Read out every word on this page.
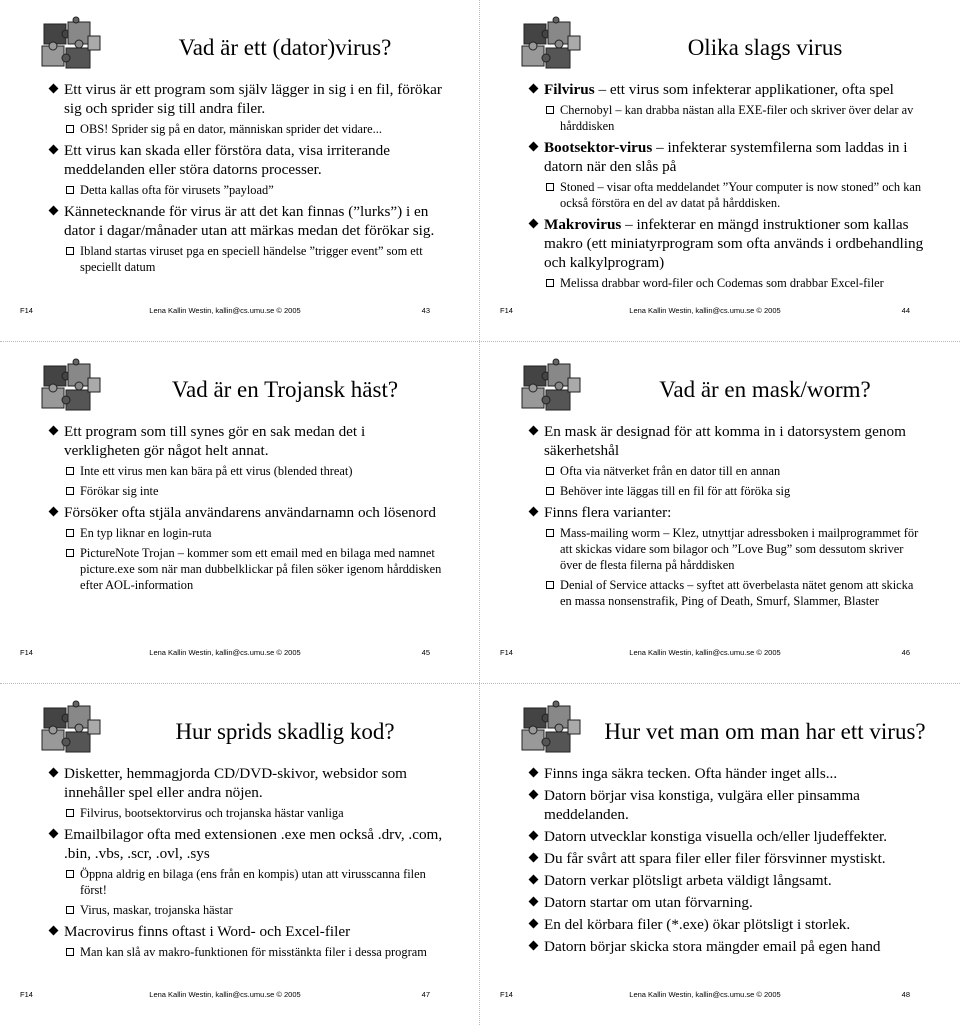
Vad är ett (dator)virus?
Ett virus är ett program som själv lägger in sig i en fil, förökar sig och sprider sig till andra filer.
OBS! Sprider sig på en dator, människan sprider det vidare...
Ett virus kan skada eller förstöra data, visa irriterande meddelanden eller störa datorns processer.
Detta kallas ofta för virusets ”payload”
Kännetecknande för virus är att det kan finnas (”lurks”) i en dator i dagar/månader utan att märkas medan det förökar sig.
Ibland startas viruset pga en speciell händelse ”trigger event” som ett speciellt datum
F14	Lena Kallin Westin, kallin@cs.umu.se © 2005	43
Olika slags virus
Filvirus – ett virus som infekterar applikationer, ofta spel
Chernobyl – kan drabba nästan alla EXE-filer och skriver över delar av hårddisken
Bootsektor-virus – infekterar systemfilerna som laddas in i datorn när den slås på
Stoned – visar ofta meddelandet ”Your computer is now stoned” och kan också förstöra en del av datat på hårddisken.
Makrovirus – infekterar en mängd instruktioner som kallas makro (ett miniatyrprogram som ofta används i ordbehandling och kalkylprogram)
Melissa drabbar word-filer och Codemas som drabbar Excel-filer
F14	Lena Kallin Westin, kallin@cs.umu.se © 2005	44
Vad är en Trojansk häst?
Ett program som till synes gör en sak medan det i verkligheten gör något helt annat.
Inte ett virus men kan bära på ett virus (blended threat)
Förökar sig inte
Försöker ofta stjäla användarens användarnamn och lösenord
En typ liknar en login-ruta
PictureNote Trojan – kommer som ett email med en bilaga med namnet picture.exe som när man dubbelklickar på filen söker igenom hårddisken efter AOL-information
F14	Lena Kallin Westin, kallin@cs.umu.se © 2005	45
Vad är en mask/worm?
En mask är designad för att komma in i datorsystem genom säkerhetshål
Ofta via nätverket från en dator till en annan
Behöver inte läggas till en fil för att föröka sig
Finns flera varianter:
Mass-mailing worm – Klez, utnyttjar adressboken i mailprogrammet för att skickas vidare som bilagor och ”Love Bug” som dessutom skriver över de flesta filerna på hårddisken
Denial of Service attacks – syftet att överbelasta nätet genom att skicka en massa nonsenstrafik, Ping of Death, Smurf, Slammer, Blaster
F14	Lena Kallin Westin, kallin@cs.umu.se © 2005	46
Hur sprids skadlig kod?
Disketter, hemmagjorda CD/DVD-skivor, websidor som innehåller spel eller andra nöjen.
Filvirus, bootsektorvirus och trojanska hästar vanliga
Emailbilagor ofta med extensionen .exe men också .drv, .com, .bin, .vbs, .scr, .ovl, .sys
Öppna aldrig en bilaga (ens från en kompis) utan att virusscanna filen först!
Virus, maskar, trojanska hästar
Macrovirus finns oftast i Word- och Excel-filer
Man kan slå av makro-funktionen för misstänkta filer i dessa program
F14	Lena Kallin Westin, kallin@cs.umu.se © 2005	47
Hur vet man om man har ett virus?
Finns inga säkra tecken. Ofta händer inget alls...
Datorn börjar visa konstiga, vulgära eller pinsamma meddelanden.
Datorn utvecklar konstiga visuella och/eller ljudeffekter.
Du får svårt att spara filer eller filer försvinner mystiskt.
Datorn verkar plötsligt arbeta väldigt långsamt.
Datorn startar om utan förvarning.
En del körbara filer (*.exe) ökar plötsligt i storlek.
Datorn börjar skicka stora mängder email på egen hand
F14	Lena Kallin Westin, kallin@cs.umu.se © 2005	48
